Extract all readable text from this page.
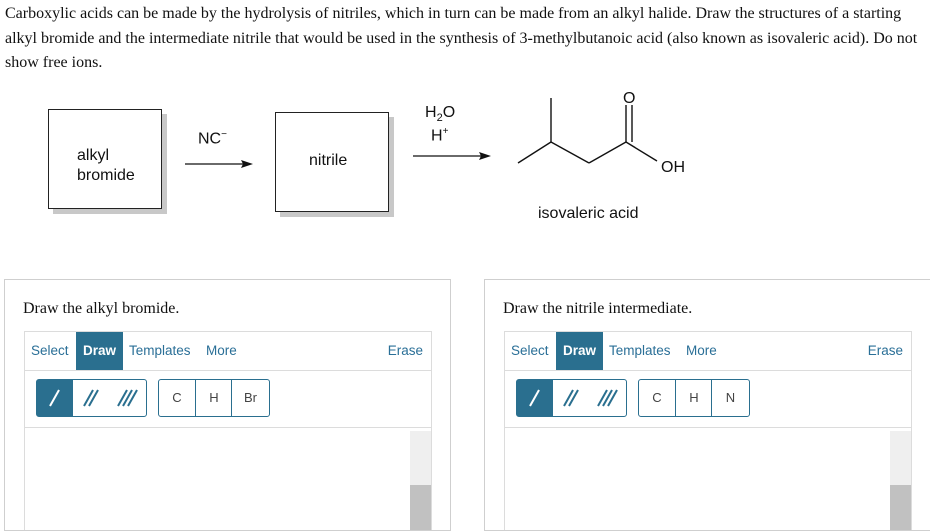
Carboxylic acids can be made by the hydrolysis of nitriles, which in turn can be made from an alkyl halide. Draw the structures of a starting alkyl bromide and the intermediate nitrile that would be used in the synthesis of 3-methylbutanoic acid (also known as isovaleric acid). Do not show free ions.
alkyl
bromide
NC−
nitrile
$H_2O$
H+
O
OH
isovaleric acid
Draw the alkyl bromide.
Select	Draw Templates More	Erase
C	H	Br
Draw the nitrile intermediate.
Select	Draw Templates More	Erase
C	H	N
